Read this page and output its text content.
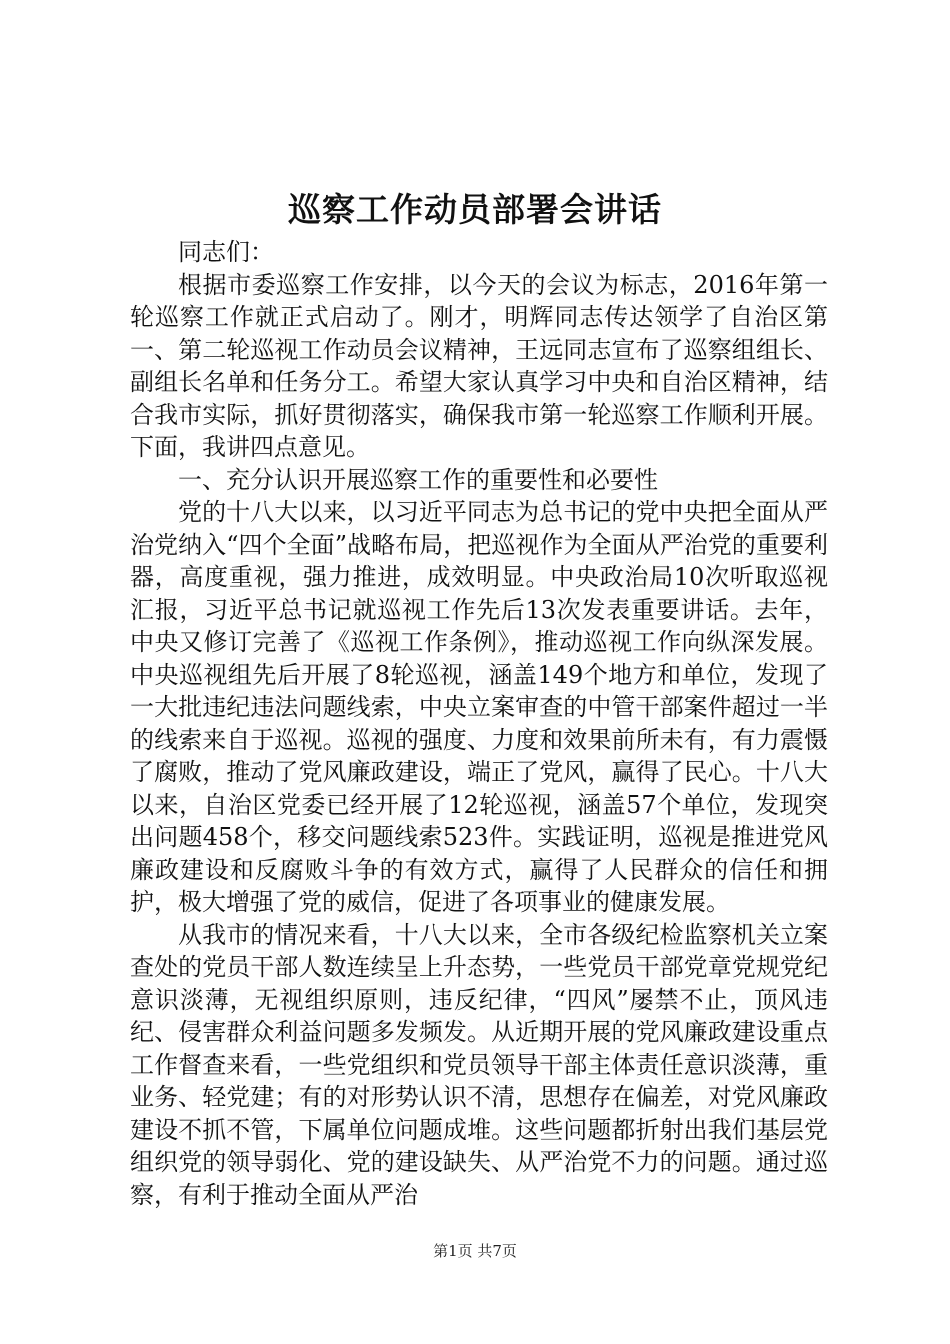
巡察工作动员部署会讲话

同志们：

根据市委巡察工作安排，以今天的会议为标志，2016年第一轮巡察工作就正式启动了。刚才，明辉同志传达领学了自治区第一、第二轮巡视工作动员会议精神，王远同志宣布了巡察组组长、副组长名单和任务分工。希望大家认真学习中央和自治区精神，结合我市实际，抓好贯彻落实，确保我市第一轮巡察工作顺利开展。下面，我讲四点意见。

一、充分认识开展巡察工作的重要性和必要性

党的十八大以来，以习近平同志为总书记的党中央把全面从严治党纳入“四个全面”战略布局，把巡视作为全面从严治党的重要利器，高度重视，强力推进，成效明显。中央政治局10次听取巡视汇报，习近平总书记就巡视工作先后13次发表重要讲话。去年，中央又修订完善了《巡视工作条例》，推动巡视工作向纵深发展。中央巡视组先后开展了8轮巡视，涵盖149个地方和单位，发现了一大批违纪违法问题线索，中央立案审查的中管干部案件超过一半的线索来自于巡视。巡视的强度、力度和效果前所未有，有力震慑了腐败，推动了党风廉政建设，端正了党风，赢得了民心。十八大以来，自治区党委已经开展了12轮巡视，涵盖57个单位，发现突出问题458个，移交问题线索523件。实践证明，巡视是推进党风廉政建设和反腐败斗争的有效方式，赢得了人民群众的信任和拥护，极大增强了党的威信，促进了各项事业的健康发展。

从我市的情况来看，十八大以来，全市各级纪检监察机关立案查处的党员干部人数连续呈上升态势，一些党员干部党章党规党纪意识淡薄，无视组织原则，违反纪律，“四风”屡禁不止，顶风违纪、侵害群众利益问题多发频发。从近期开展的党风廉政建设重点工作督查来看，一些党组织和党员领导干部主体责任意识淡薄，重业务、轻党建；有的对形势认识不清，思想存在偏差，对党风廉政建设不抓不管，下属单位问题成堆。这些问题都折射出我们基层党组织党的领导弱化、党的建设缺失、从严治党不力的问题。通过巡察，有利于推动全面从严治

第1页 共7页
